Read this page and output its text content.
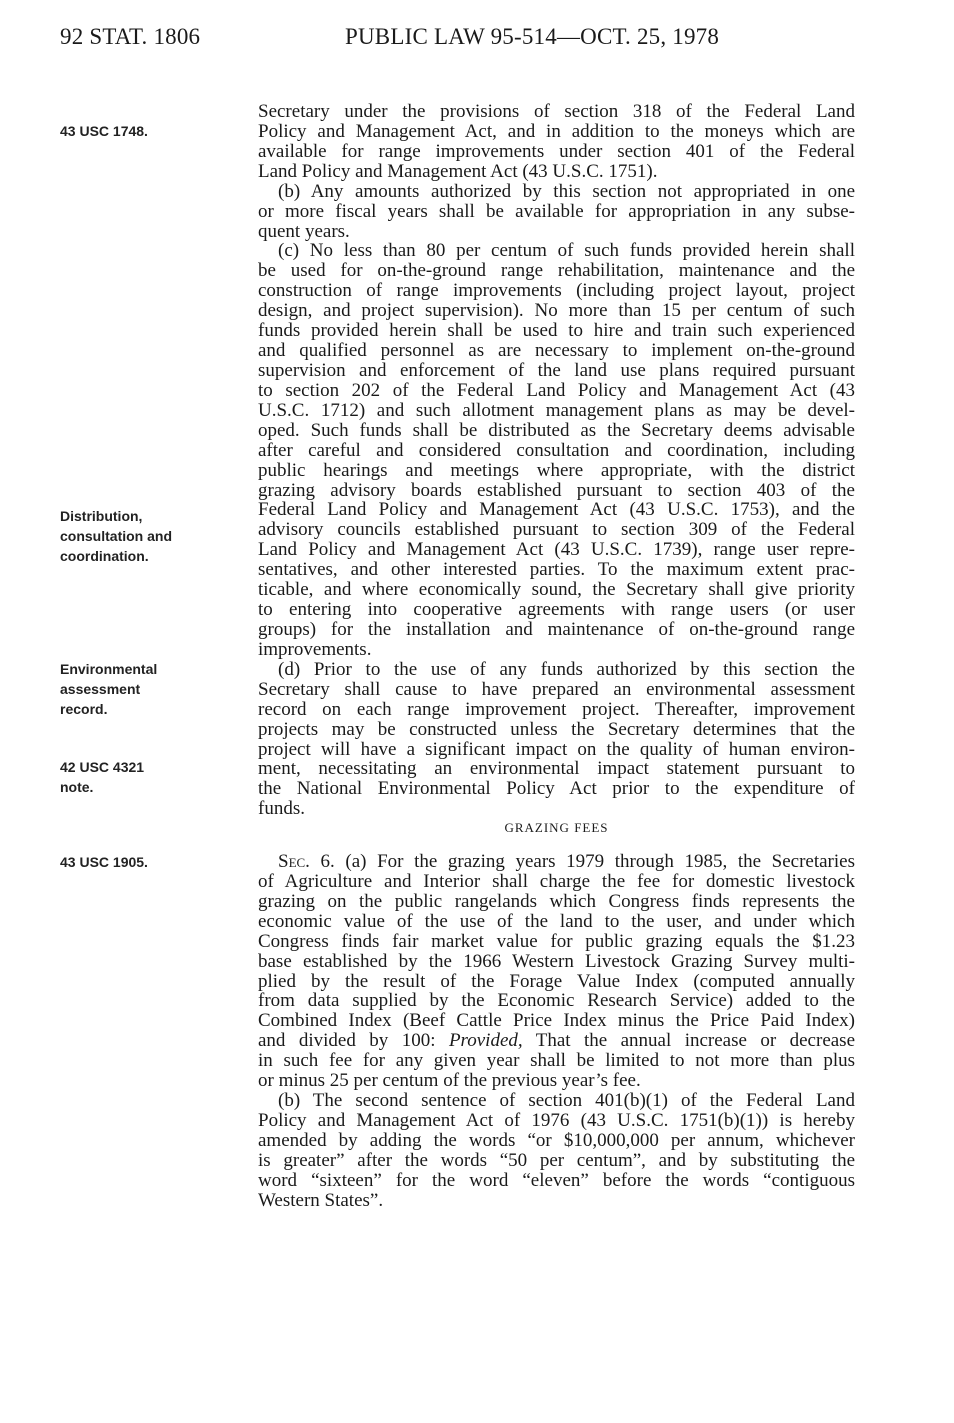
92 STAT. 1806	PUBLIC LAW 95-514—OCT. 25, 1978
43 USC 1748.
Distribution,
consultation and
coordination.
Environmental
assessment
record.
42 USC 4321
note.
43 USC 1905.
Secretary under the provisions of section 318 of the Federal Land
Policy and Management Act, and in addition to the moneys which are
available for range improvements under section 401 of the Federal
Land Policy and Management Act (43 U.S.C. 1751).
(b) Any amounts authorized by this section not appropriated in one
or more fiscal years shall be available for appropriation in any subse-
quent years.
(c) No less than 80 per centum of such funds provided herein shall
be used for on-the-ground range rehabilitation, maintenance and the
construction of range improvements (including project layout, project
design, and project supervision). No more than 15 per centum of such
funds provided herein shall be used to hire and train such experienced
and qualified personnel as are necessary to implement on-the-ground
supervision and enforcement of the land use plans required pursuant
to section 202 of the Federal Land Policy and Management Act (43
U.S.C. 1712) and such allotment management plans as may be devel-
oped. Such funds shall be distributed as the Secretary deems advisable
after careful and considered consultation and coordination, including
public hearings and meetings where appropriate, with the district
grazing advisory boards established pursuant to section 403 of the
Federal Land Policy and Management Act (43 U.S.C. 1753), and the
advisory councils established pursuant to section 309 of the Federal
Land Policy and Management Act (43 U.S.C. 1739), range user repre-
sentatives, and other interested parties. To the maximum extent prac-
ticable, and where economically sound, the Secretary shall give priority
to entering into cooperative agreements with range users (or user
groups) for the installation and maintenance of on-the-ground range
improvements.
(d) Prior to the use of any funds authorized by this section the
Secretary shall cause to have prepared an environmental assessment
record on each range improvement project. Thereafter, improvement
projects may be constructed unless the Secretary determines that the
project will have a significant impact on the quality of human environ-
ment, necessitating an environmental impact statement pursuant to
the National Environmental Policy Act prior to the expenditure of
funds.
GRAZING FEES
Sec. 6. (a) For the grazing years 1979 through 1985, the Secretaries
of Agriculture and Interior shall charge the fee for domestic livestock
grazing on the public rangelands which Congress finds represents the
economic value of the use of the land to the user, and under which
Congress finds fair market value for public grazing equals the $1.23
base established by the 1966 Western Livestock Grazing Survey multi-
plied by the result of the Forage Value Index (computed annually
from data supplied by the Economic Research Service) added to the
Combined Index (Beef Cattle Price Index minus the Price Paid Index)
and divided by 100: Provided, That the annual increase or decrease
in such fee for any given year shall be limited to not more than plus
or minus 25 per centum of the previous year’s fee.
(b) The second sentence of section 401(b)(1) of the Federal Land
Policy and Management Act of 1976 (43 U.S.C. 1751(b)(1)) is hereby
amended by adding the words “or $10,000,000 per annum, whichever
is greater” after the words “50 per centum”, and by substituting the
word “sixteen” for the word “eleven” before the words “contiguous
Western States”.
